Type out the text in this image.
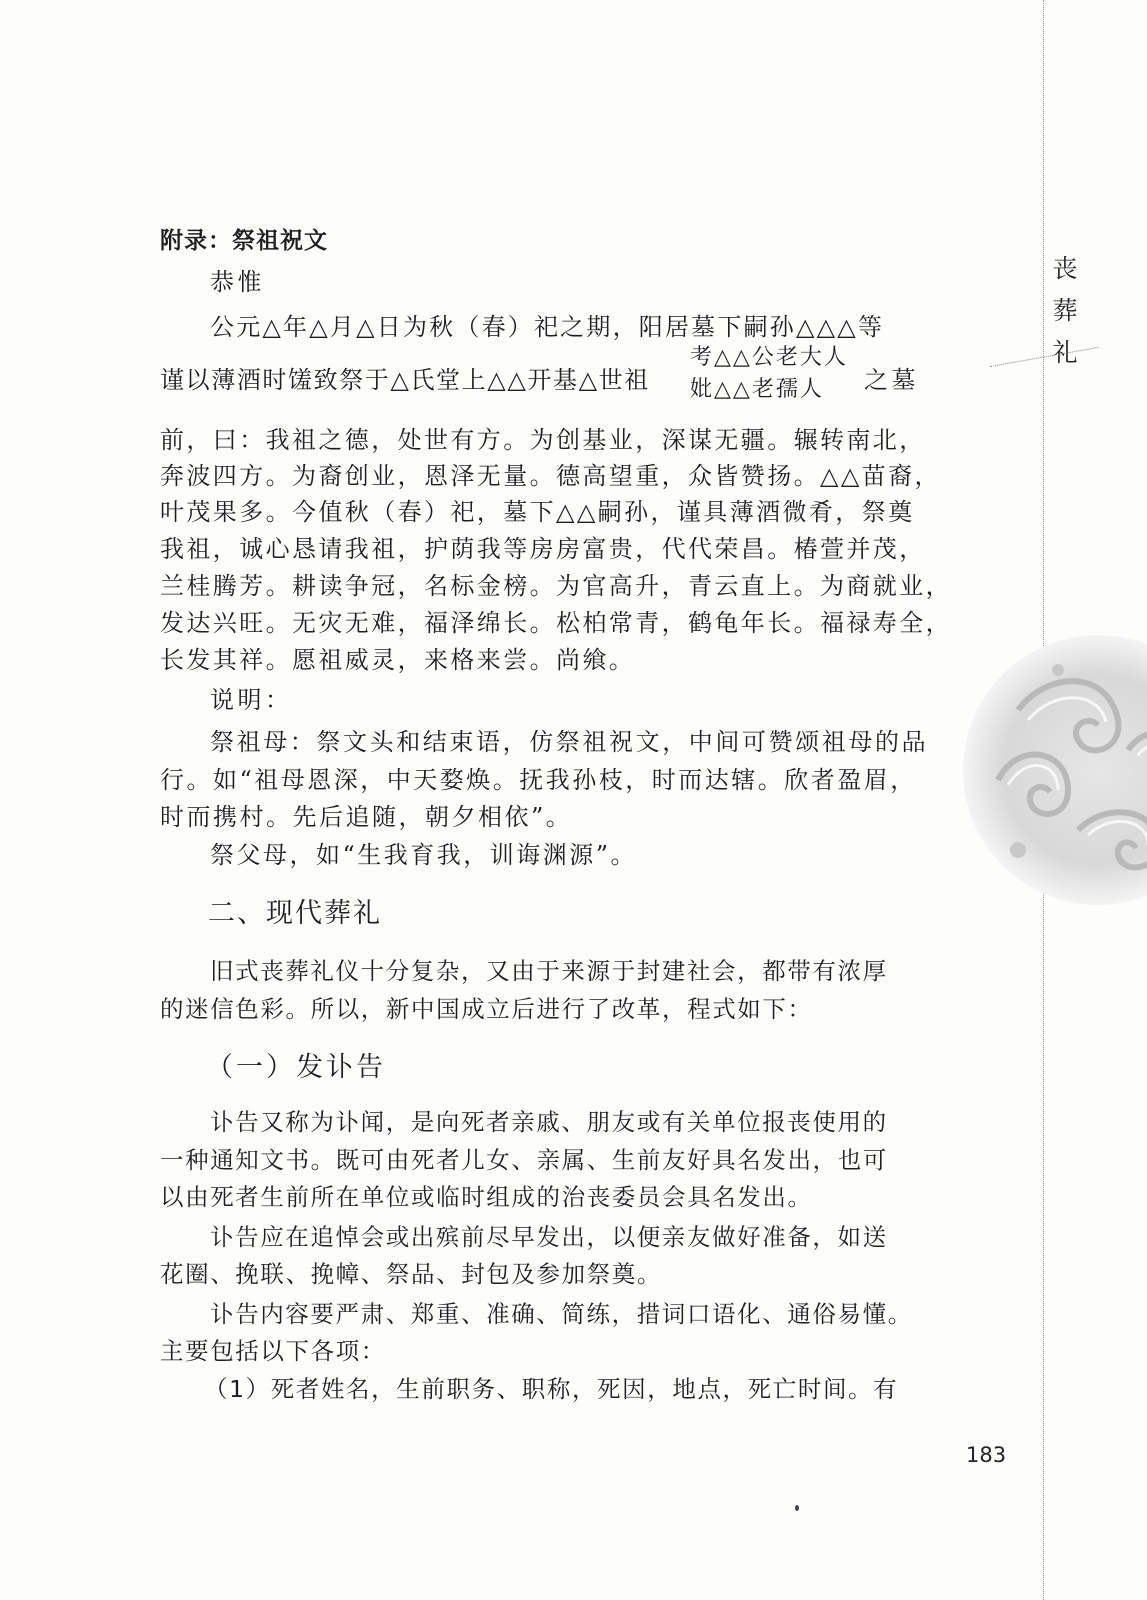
丧
葬
礼
附录：祭祖祝文
恭惟
公元△年△月△日为秋（春）祀之期，阳居墓下嗣孙△△△等
谨以薄酒时馐致祭于△氏堂上△△开基△世祖
考△△公老大人
妣△△老孺人	之墓
前，曰：我祖之德，处世有方。为创基业，深谋无疆。辗转南北，
奔波四方。为裔创业，恩泽无量。德高望重，众皆赞扬。△△苗裔，
叶茂果多。今值秋（春）祀，墓下△△嗣孙，谨具薄酒微肴，祭奠
我祖，诚心恳请我祖，护荫我等房房富贵，代代荣昌。椿萱并茂，
兰桂腾芳。耕读争冠，名标金榜。为官高升，青云直上。为商就业，
发达兴旺。无灾无难，福泽绵长。松柏常青，鹤龟年长。福禄寿全，
长发其祥。愿祖威灵，来格来尝。尚飨。
说明：
祭祖母：祭文头和结束语，仿祭祖祝文，中间可赞颂祖母的品
行。如“祖母恩深，中天婺焕。抚我孙枝，时而达辖。欣者盈眉，
时而携村。先后追随，朝夕相依”。
祭父母，如“生我育我，训诲渊源”。
二、现代葬礼
旧式丧葬礼仪十分复杂，又由于来源于封建社会，都带有浓厚
的迷信色彩。所以，新中国成立后进行了改革，程式如下：
（一）发讣告
讣告又称为讣闻，是向死者亲戚、朋友或有关单位报丧使用的
一种通知文书。既可由死者儿女、亲属、生前友好具名发出，也可
以由死者生前所在单位或临时组成的治丧委员会具名发出。
讣告应在追悼会或出殡前尽早发出，以便亲友做好准备，如送
花圈、挽联、挽幛、祭品、封包及参加祭奠。
讣告内容要严肃、郑重、准确、简练，措词口语化、通俗易懂。
主要包括以下各项：
（1）死者姓名，生前职务、职称，死因，地点，死亡时间。有
183
